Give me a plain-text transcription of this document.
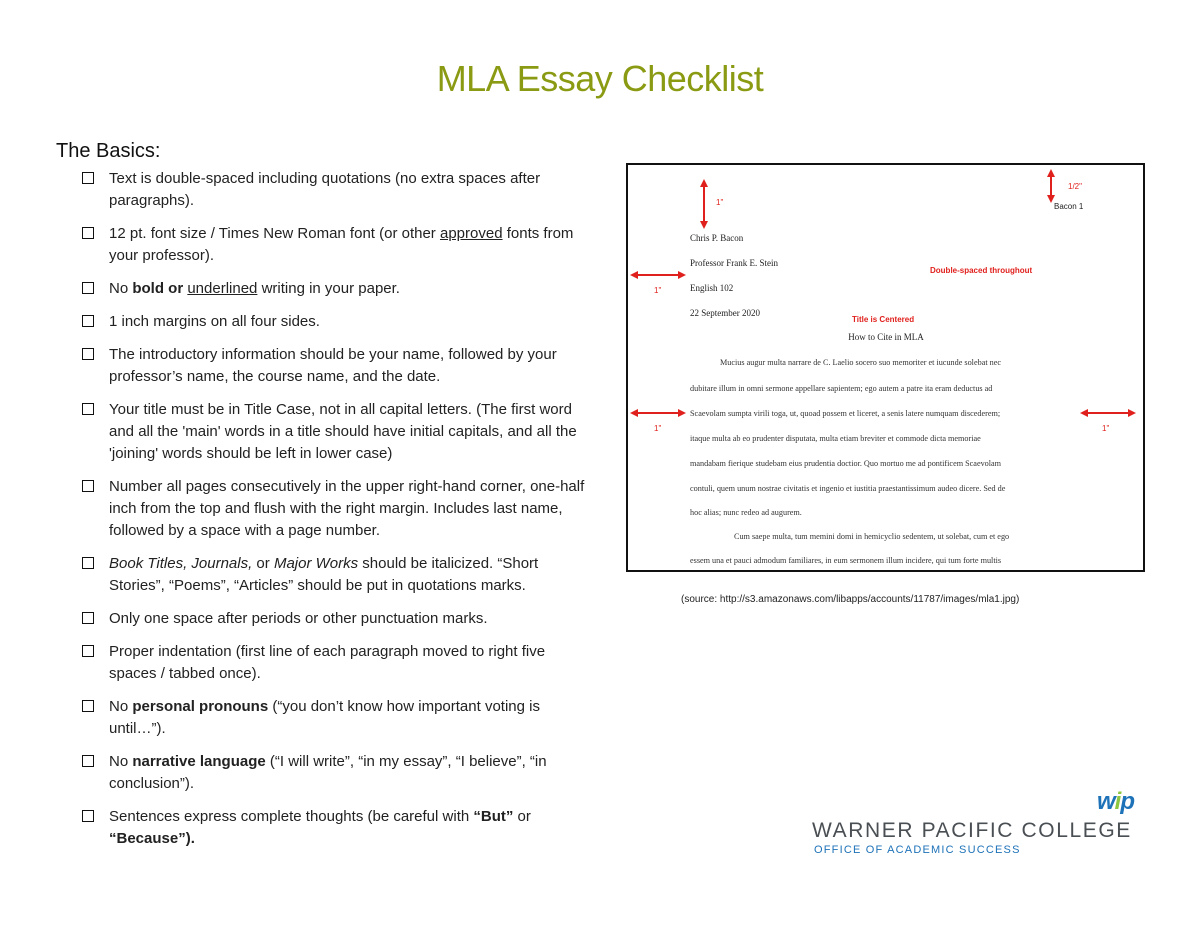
MLA Essay Checklist
The Basics:
Text is double-spaced including quotations (no extra spaces after paragraphs).
12 pt. font size / Times New Roman font (or other approved fonts from your professor).
No bold or underlined writing in your paper.
1 inch margins on all four sides.
The introductory information should be your name, followed by your professor’s name, the course name, and the date.
Your title must be in Title Case, not in all capital letters. (The first word and all the 'main' words in a title should have initial capitals, and all the 'joining' words should be left in lower case)
Number all pages consecutively in the upper right-hand corner, one-half inch from the top and flush with the right margin. Includes last name, followed by a space with a page number.
Book Titles, Journals, or Major Works should be italicized. “Short Stories”, “Poems”, “Articles” should be put in quotations marks.
Only one space after periods or other punctuation marks.
Proper indentation (first line of each paragraph moved to right five spaces / tabbed once).
No personal pronouns (“you don’t know how important voting is until…”).
No narrative language (“I will write”, “in my essay”, “I believe”, “in conclusion”).
Sentences express complete thoughts (be careful with “But” or “Because”).
1"
1/2"
Bacon 1
1"
1"	1"
Chris P. Bacon
Professor Frank E. Stein
English 102
22 September 2020
Double-spaced throughout
Title is Centered
How to Cite in MLA
Mucius augur multa narrare de C. Laelio socero suo memoriter et iucunde solebat nec
dubitare illum in omni sermone appellare sapientem; ego autem a patre ita eram deductus ad
Scaevolam sumpta virili toga, ut, quoad possem et liceret, a senis latere numquam discederem;
itaque multa ab eo prudenter disputata, multa etiam breviter et commode dicta memoriae
mandabam fierique studebam eius prudentia doctior. Quo mortuo me ad pontificem Scaevolam
contuli, quem unum nostrae civitatis et ingenio et iustitia praestantissimum audeo dicere. Sed de
hoc alias; nunc redeo ad augurem.
Cum saepe multa, tum memini domi in hemicyclio sedentem, ut solebat, cum et ego
essem una et pauci admodum familiares, in eum sermonem illum incidere, qui tum forte multis
(source: http://s3.amazonaws.com/libapps/accounts/11787/images/mla1.jpg)
wip
WARNER PACIFIC COLLEGE
OFFICE OF ACADEMIC SUCCESS
